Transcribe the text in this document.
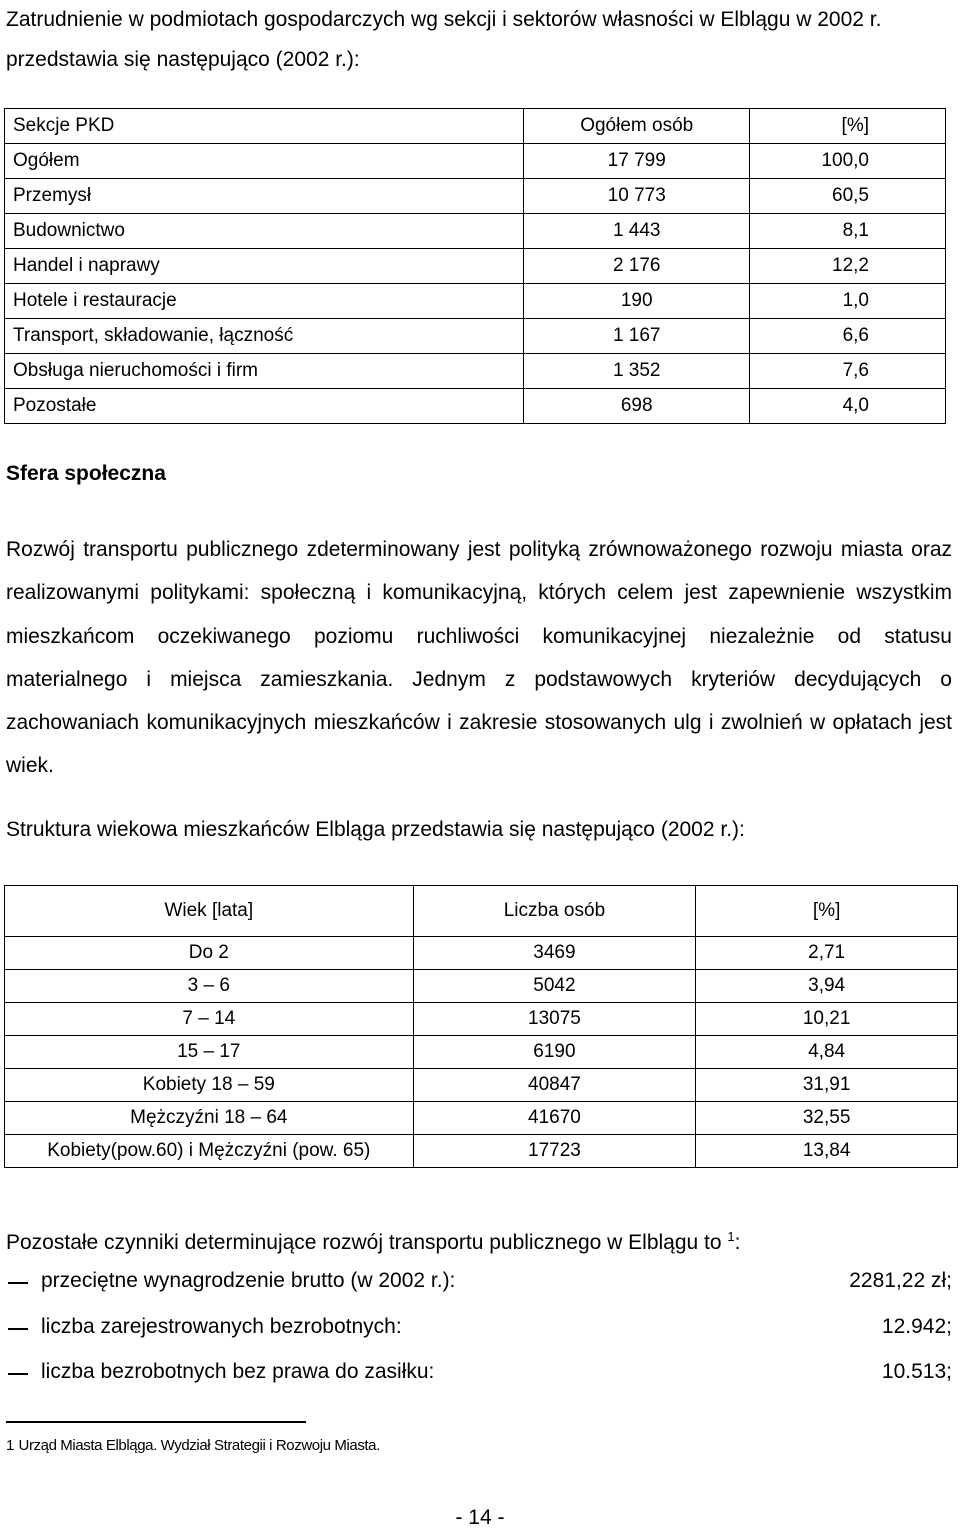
Zatrudnienie w podmiotach gospodarczych wg sekcji i sektorów własności w Elblągu w 2002 r. przedstawia się następująco (2002 r.):

Sekcje PKD	Ogółem osób	[%]
Ogółem	17 799	100,0
Przemysł	10 773	60,5
Budownictwo	1 443	8,1
Handel i naprawy	2 176	12,2
Hotele i restauracje	190	1,0
Transport, składowanie, łączność	1 167	6,6
Obsługa nieruchomości i firm	1 352	7,6
Pozostałe	698	4,0
Sfera społeczna

Rozwój transportu publicznego zdeterminowany jest polityką zrównoważonego rozwoju miasta oraz realizowanymi politykami: społeczną i komunikacyjną, których celem jest zapewnienie wszystkim mieszkańcom oczekiwanego poziomu ruchliwości komunikacyjnej niezależnie od statusu materialnego i miejsca zamieszkania. Jednym z podstawowych kryteriów decydujących o zachowaniach komunikacyjnych mieszkańców i zakresie stosowanych ulg i zwolnień w opłatach jest wiek.

Struktura wiekowa mieszkańców Elbląga przedstawia się następująco (2002 r.):

Wiek [lata]	Liczba osób	[%]
Do 2	3469	2,71
3 – 6	5042	3,94
7 – 14	13075	10,21
15 – 17	6190	4,84
Kobiety 18 – 59	40847	31,91
Mężczyźni 18 – 64	41670	32,55
Kobiety(pow.60) i Mężczyźni (pow. 65)	17723	13,84

Pozostałe czynniki determinujące rozwój transportu publicznego w Elblągu to $^1$:

przeciętne wynagrodzenie brutto (w 2002 r.):	2281,22 zł;
liczba zarejestrowanych bezrobotnych:	12.942;
liczba bezrobotnych bez prawa do zasiłku:	10.513;
1 Urząd Miasta Elbląga. Wydział Strategii i Rozwoju Miasta.
- 14 -
